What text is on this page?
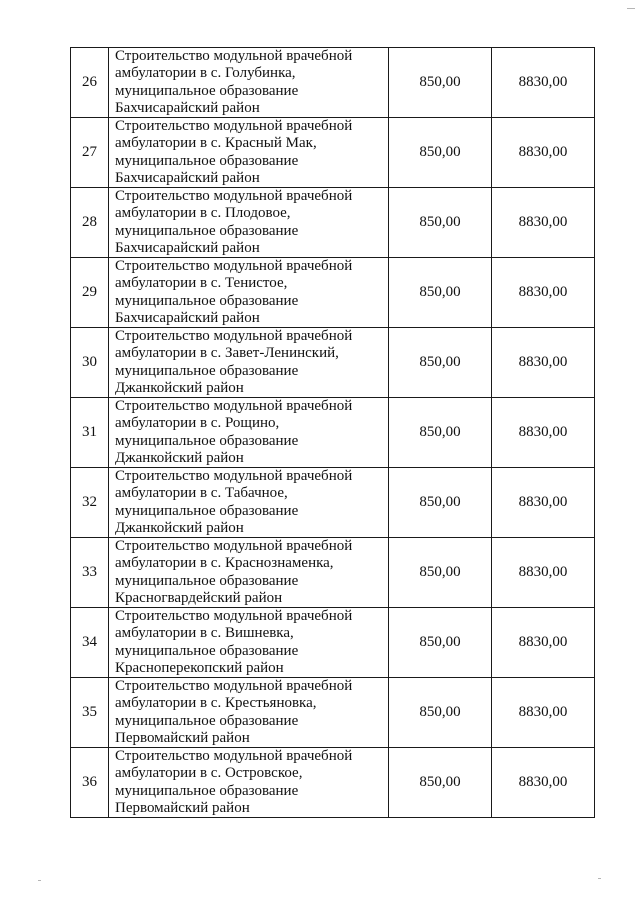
26	Строительство модульной врачебной
амбулатории в с. Голубинка,
муниципальное образование
Бахчисарайский район	850,00	8830,00
27	Строительство модульной врачебной
амбулатории в с. Красный Мак,
муниципальное образование
Бахчисарайский район	850,00	8830,00
28	Строительство модульной врачебной
амбулатории в с. Плодовое,
муниципальное образование
Бахчисарайский район	850,00	8830,00
29	Строительство модульной врачебной
амбулатории в с. Тенистое,
муниципальное образование
Бахчисарайский район	850,00	8830,00
30	Строительство модульной врачебной
амбулатории в с. Завет-Ленинский,
муниципальное образование
Джанкойский район	850,00	8830,00
31	Строительство модульной врачебной
амбулатории в с. Рощино,
муниципальное образование
Джанкойский район	850,00	8830,00
32	Строительство модульной врачебной
амбулатории в с. Табачное,
муниципальное образование
Джанкойский район	850,00	8830,00
33	Строительство модульной врачебной
амбулатории в с. Краснознаменка,
муниципальное образование
Красногвардейский район	850,00	8830,00
34	Строительство модульной врачебной
амбулатории в с. Вишневка,
муниципальное образование
Красноперекопский район	850,00	8830,00
35	Строительство модульной врачебной
амбулатории в с. Крестьяновка,
муниципальное образование
Первомайский район	850,00	8830,00
36	Строительство модульной врачебной
амбулатории в с. Островское,
муниципальное образование
Первомайский район	850,00	8830,00
